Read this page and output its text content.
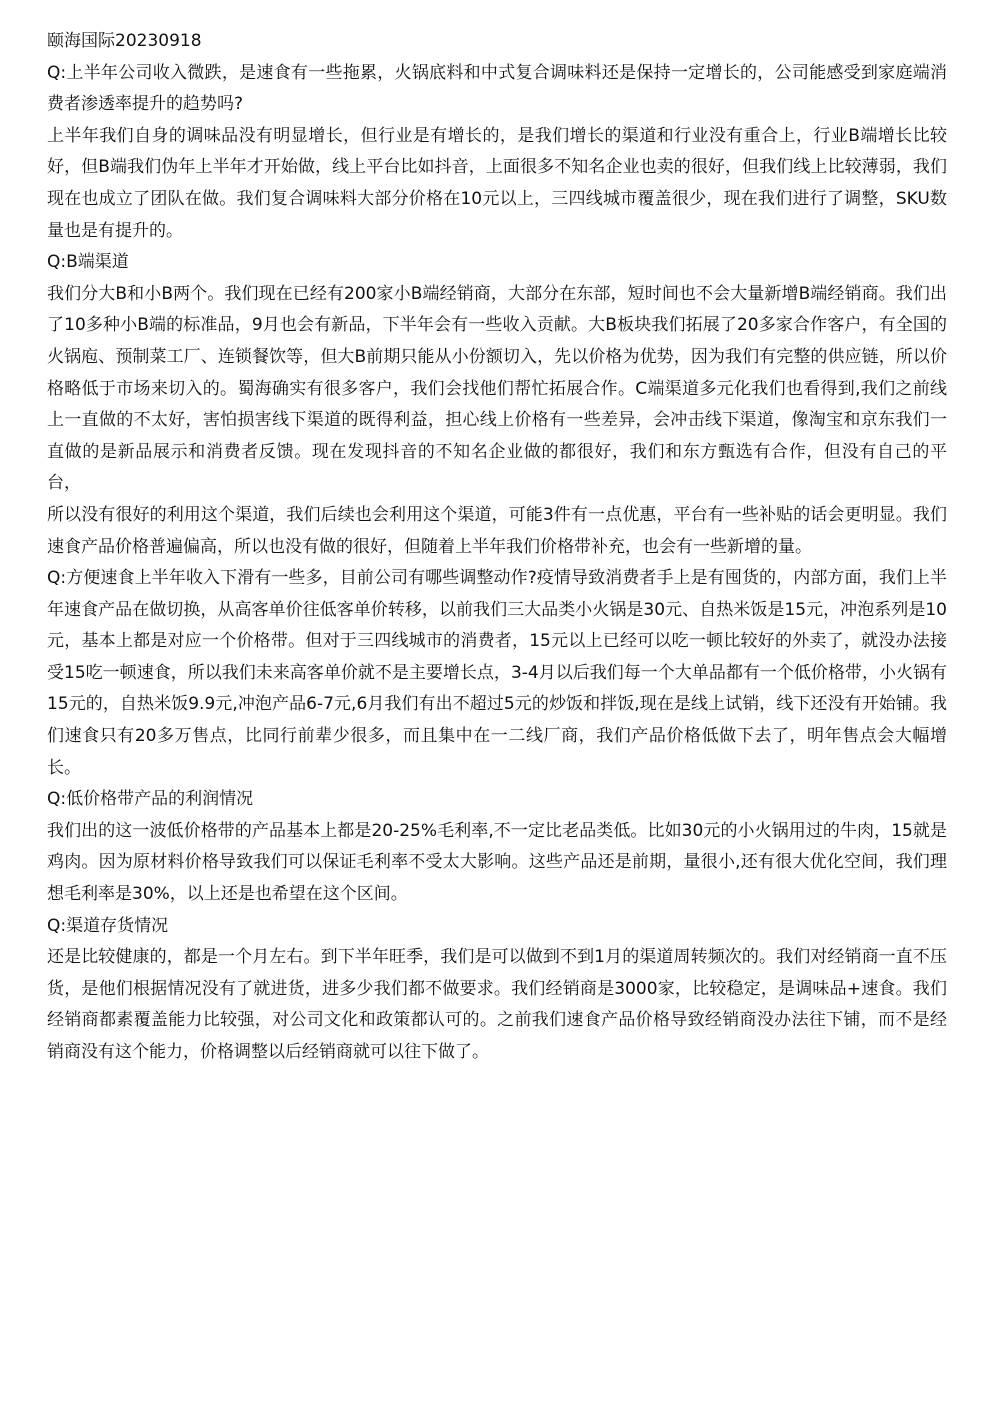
颐海国际20230918

Q:上半年公司收入微跌，是速食有一些拖累，火锅底料和中式复合调味料还是保持一定增长的，公司能感受到家庭端消费者渗透率提升的趋势吗?

上半年我们自身的调味品没有明显增长，但行业是有增长的，是我们增长的渠道和行业没有重合上，行业B端增长比较好，但B端我们伪年上半年才开始做，线上平台比如抖音，上面很多不知名企业也卖的很好，但我们线上比较薄弱，我们现在也成立了团队在做。我们复合调味料大部分价格在10元以上，三四线城市覆盖很少，现在我们进行了调整，SKU数量也是有提升的。

Q:B端渠道

我们分大B和小B两个。我们现在已经有200家小B端经销商，大部分在东部，短时间也不会大量新增B端经销商。我们出了10多种小B端的标准品，9月也会有新品，下半年会有一些收入贡献。大B板块我们拓展了20多家合作客户，有全国的火锅庖、预制菜工厂、连锁餐饮等，但大B前期只能从小份额切入，先以价格为优势，因为我们有完整的供应链，所以价格略低于市场来切入的。蜀海确实有很多客户，我们会找他们帮忙拓展合作。C端渠道多元化我们也看得到,我们之前线上一直做的不太好，害怕损害线下渠道的既得利益，担心线上价格有一些差异，会冲击线下渠道，像淘宝和京东我们一直做的是新品展示和消费者反馈。现在发现抖音的不知名企业做的都很好，我们和东方甄选有合作，但没有自己的平台，

所以没有很好的利用这个渠道，我们后续也会利用这个渠道，可能3件有一点优惠，平台有一些补贴的话会更明显。我们速食产品价格普遍偏高，所以也没有做的很好，但随着上半年我们价格带补充，也会有一些新增的量。

Q:方便速食上半年收入下滑有一些多，目前公司有哪些调整动作?疫情导致消费者手上是有囤货的，内部方面，我们上半年速食产品在做切换，从高客单价往低客单价转移，以前我们三大品类小火锅是30元、自热米饭是15元，冲泡系列是10元，基本上都是对应一个价格带。但对于三四线城市的消费者，15元以上已经可以吃一顿比较好的外卖了，就没办法接受15吃一顿速食，所以我们未来高客单价就不是主要增长点，3-4月以后我们每一个大单品都有一个低价格带，小火锅有15元的，自热米饭9.9元,冲泡产品6-7元,6月我们有出不超过5元的炒饭和拌饭,现在是线上试销，线下还没有开始铺。我们速食只有20多万售点，比同行前辈少很多，而且集中在一二线厂商，我们产品价格低做下去了，明年售点会大幅增长。

Q:低价格带产品的利润情况

我们出的这一波低价格带的产品基本上都是20-25%毛利率,不一定比老品类低。比如30元的小火锅用过的牛肉，15就是鸡肉。因为原材料价格导致我们可以保证毛利率不受太大影响。这些产品还是前期，量很小,还有很大优化空间，我们理想毛利率是30%，以上还是也希望在这个区间。

Q:渠道存货情况

还是比较健康的，都是一个月左右。到下半年旺季，我们是可以做到不到1月的渠道周转频次的。我们对经销商一直不压货，是他们根据情况没有了就进货，进多少我们都不做要求。我们经销商是3000家，比较稳定，是调味品+速食。我们经销商都素覆盖能力比较强，对公司文化和政策都认可的。之前我们速食产品价格导致经销商没办法往下铺，而不是经销商没有这个能力，价格调整以后经销商就可以往下做了。
